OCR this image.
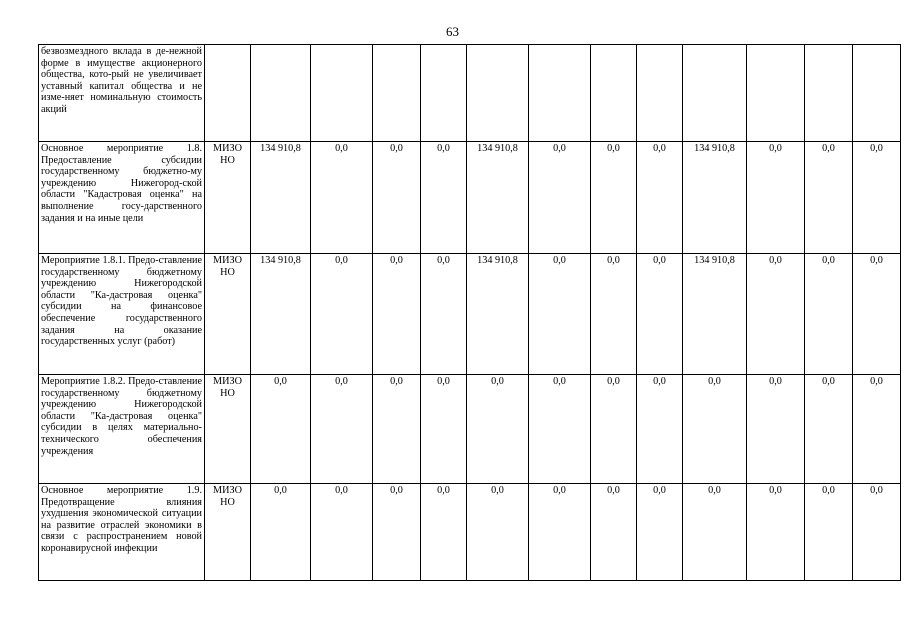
63
безвозмездного вклада в де-нежной форме в имуществе акционерного общества, кото-рый не увеличивает уставный капитал общества и не изме-няет номинальную стоимость акций													
Основное мероприятие 1.8. Предоставление субсидии государственному бюджетно-му учреждению Нижегород-ской области "Кадастровая оценка" на выполнение госу-дарственного задания и на иные цели	МИЗО НО	134 910,8	0,0	0,0	0,0	134 910,8	0,0	0,0	0,0	134 910,8	0,0	0,0	0,0
Мероприятие 1.8.1. Предо-ставление государственному бюджетному учреждению Нижегородской области "Ка-дастровая оценка" субсидии на финансовое обеспечение государственного задания на оказание государственных услуг (работ)	МИЗО НО	134 910,8	0,0	0,0	0,0	134 910,8	0,0	0,0	0,0	134 910,8	0,0	0,0	0,0
Мероприятие 1.8.2. Предо-ставление государственному бюджетному учреждению Нижегородской области "Ка-дастровая оценка" субсидии в целях материально-технического обеспечения учреждения	МИЗО НО	0,0	0,0	0,0	0,0	0,0	0,0	0,0	0,0	0,0	0,0	0,0	0,0
Основное мероприятие 1.9. Предотвращение влияния ухудшения экономической ситуации на развитие отраслей экономики в связи с распространением новой коронавирусной инфекции	МИЗО НО	0,0	0,0	0,0	0,0	0,0	0,0	0,0	0,0	0,0	0,0	0,0	0,0
